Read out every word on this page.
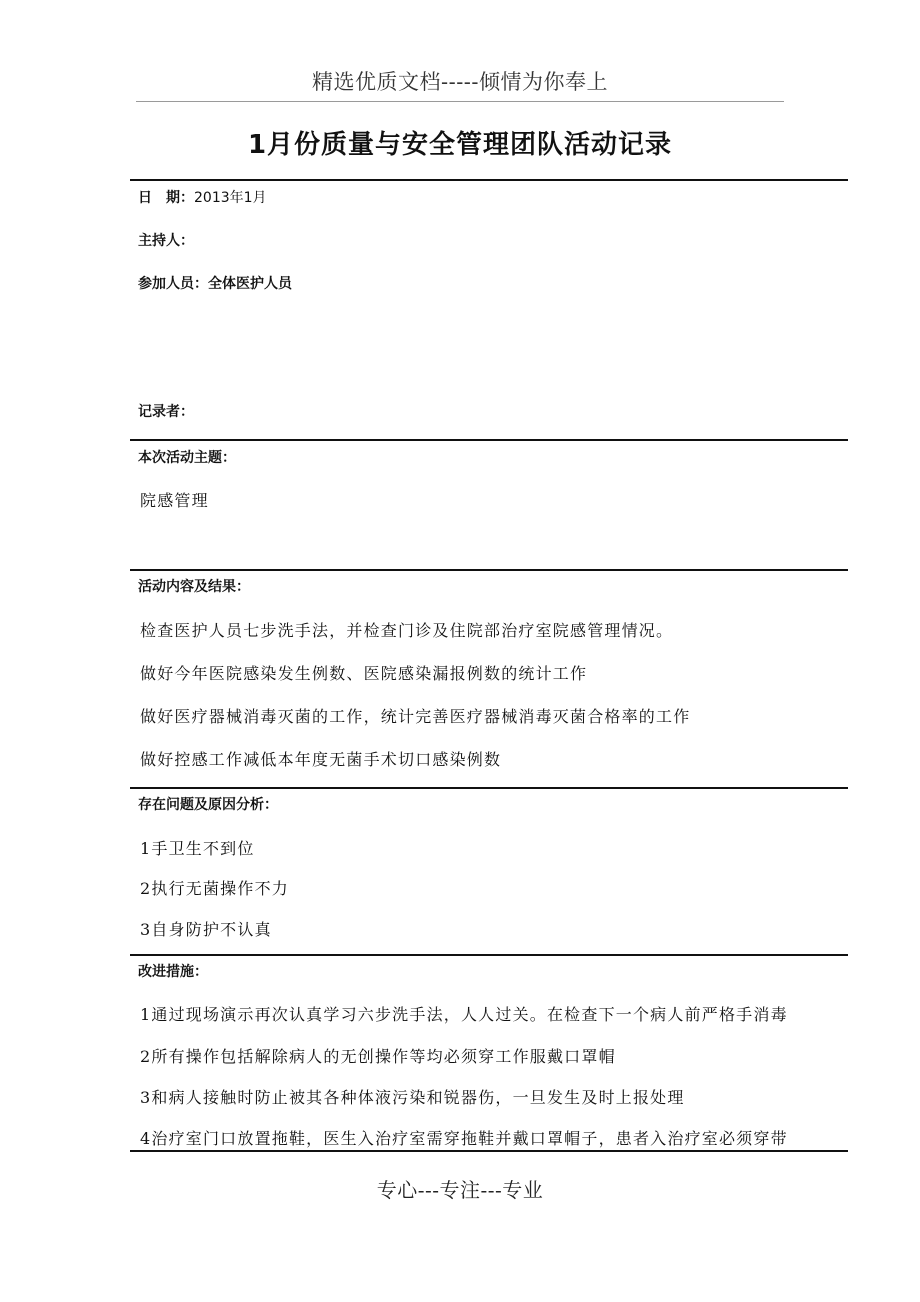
精选优质文档-----倾情为你奉上
1月份质量与安全管理团队活动记录
日　期：2013年1月
主持人：
参加人员：全体医护人员
记录者：
本次活动主题：
院感管理
活动内容及结果：
检查医护人员七步洗手法，并检查门诊及住院部治疗室院感管理情况。
做好今年医院感染发生例数、医院感染漏报例数的统计工作
做好医疗器械消毒灭菌的工作，统计完善医疗器械消毒灭菌合格率的工作
做好控感工作减低本年度无菌手术切口感染例数
存在问题及原因分析：
1手卫生不到位
2执行无菌操作不力
3自身防护不认真
改进措施：
1通过现场演示再次认真学习六步洗手法，人人过关。在检查下一个病人前严格手消毒
2所有操作包括解除病人的无创操作等均必须穿工作服戴口罩帽
3和病人接触时防止被其各种体液污染和锐器伤，一旦发生及时上报处理
4治疗室门口放置拖鞋，医生入治疗室需穿拖鞋并戴口罩帽子，患者入治疗室必须穿带
专心---专注---专业
